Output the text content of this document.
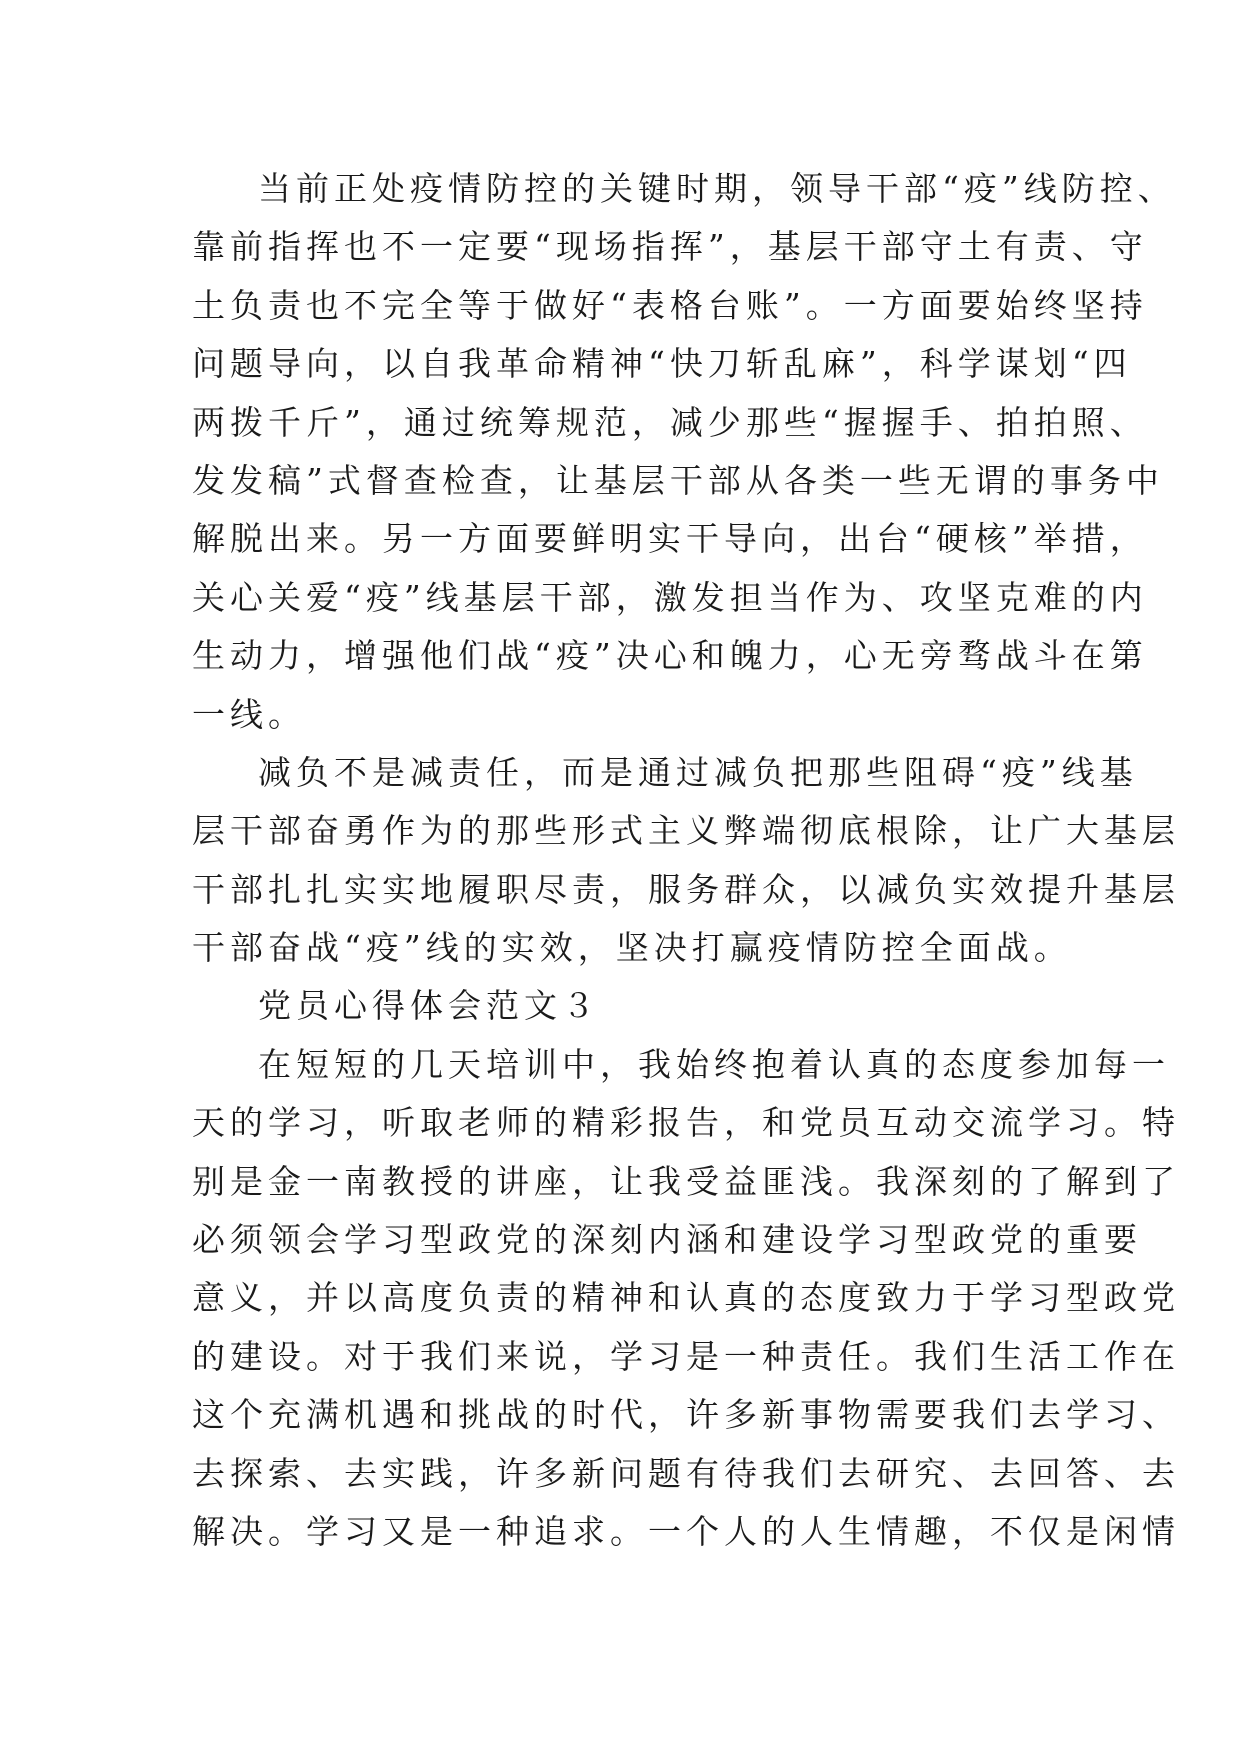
当前正处疫情防控的关键时期，领导干部“疫”线防控、
靠前指挥也不一定要“现场指挥”，基层干部守土有责、守
土负责也不完全等于做好“表格台账”。一方面要始终坚持
问题导向，以自我革命精神“快刀斩乱麻”，科学谋划“四
两拨千斤”，通过统筹规范，减少那些“握握手、拍拍照、
发发稿”式督查检查，让基层干部从各类一些无谓的事务中
解脱出来。另一方面要鲜明实干导向，出台“硬核”举措，
关心关爱“疫”线基层干部，激发担当作为、攻坚克难的内
生动力，增强他们战“疫”决心和魄力，心无旁骛战斗在第
一线。
减负不是减责任，而是通过减负把那些阻碍“疫”线基
层干部奋勇作为的那些形式主义弊端彻底根除，让广大基层
干部扎扎实实地履职尽责，服务群众，以减负实效提升基层
干部奋战“疫”线的实效，坚决打赢疫情防控全面战。
党员心得体会范文３
在短短的几天培训中，我始终抱着认真的态度参加每一
天的学习，听取老师的精彩报告，和党员互动交流学习。特
别是金一南教授的讲座，让我受益匪浅。我深刻的了解到了
必须领会学习型政党的深刻内涵和建设学习型政党的重要
意义，并以高度负责的精神和认真的态度致力于学习型政党
的建设。对于我们来说，学习是一种责任。我们生活工作在
这个充满机遇和挑战的时代，许多新事物需要我们去学习、
去探索、去实践，许多新问题有待我们去研究、去回答、去
解决。学习又是一种追求。一个人的人生情趣，不仅是闲情
